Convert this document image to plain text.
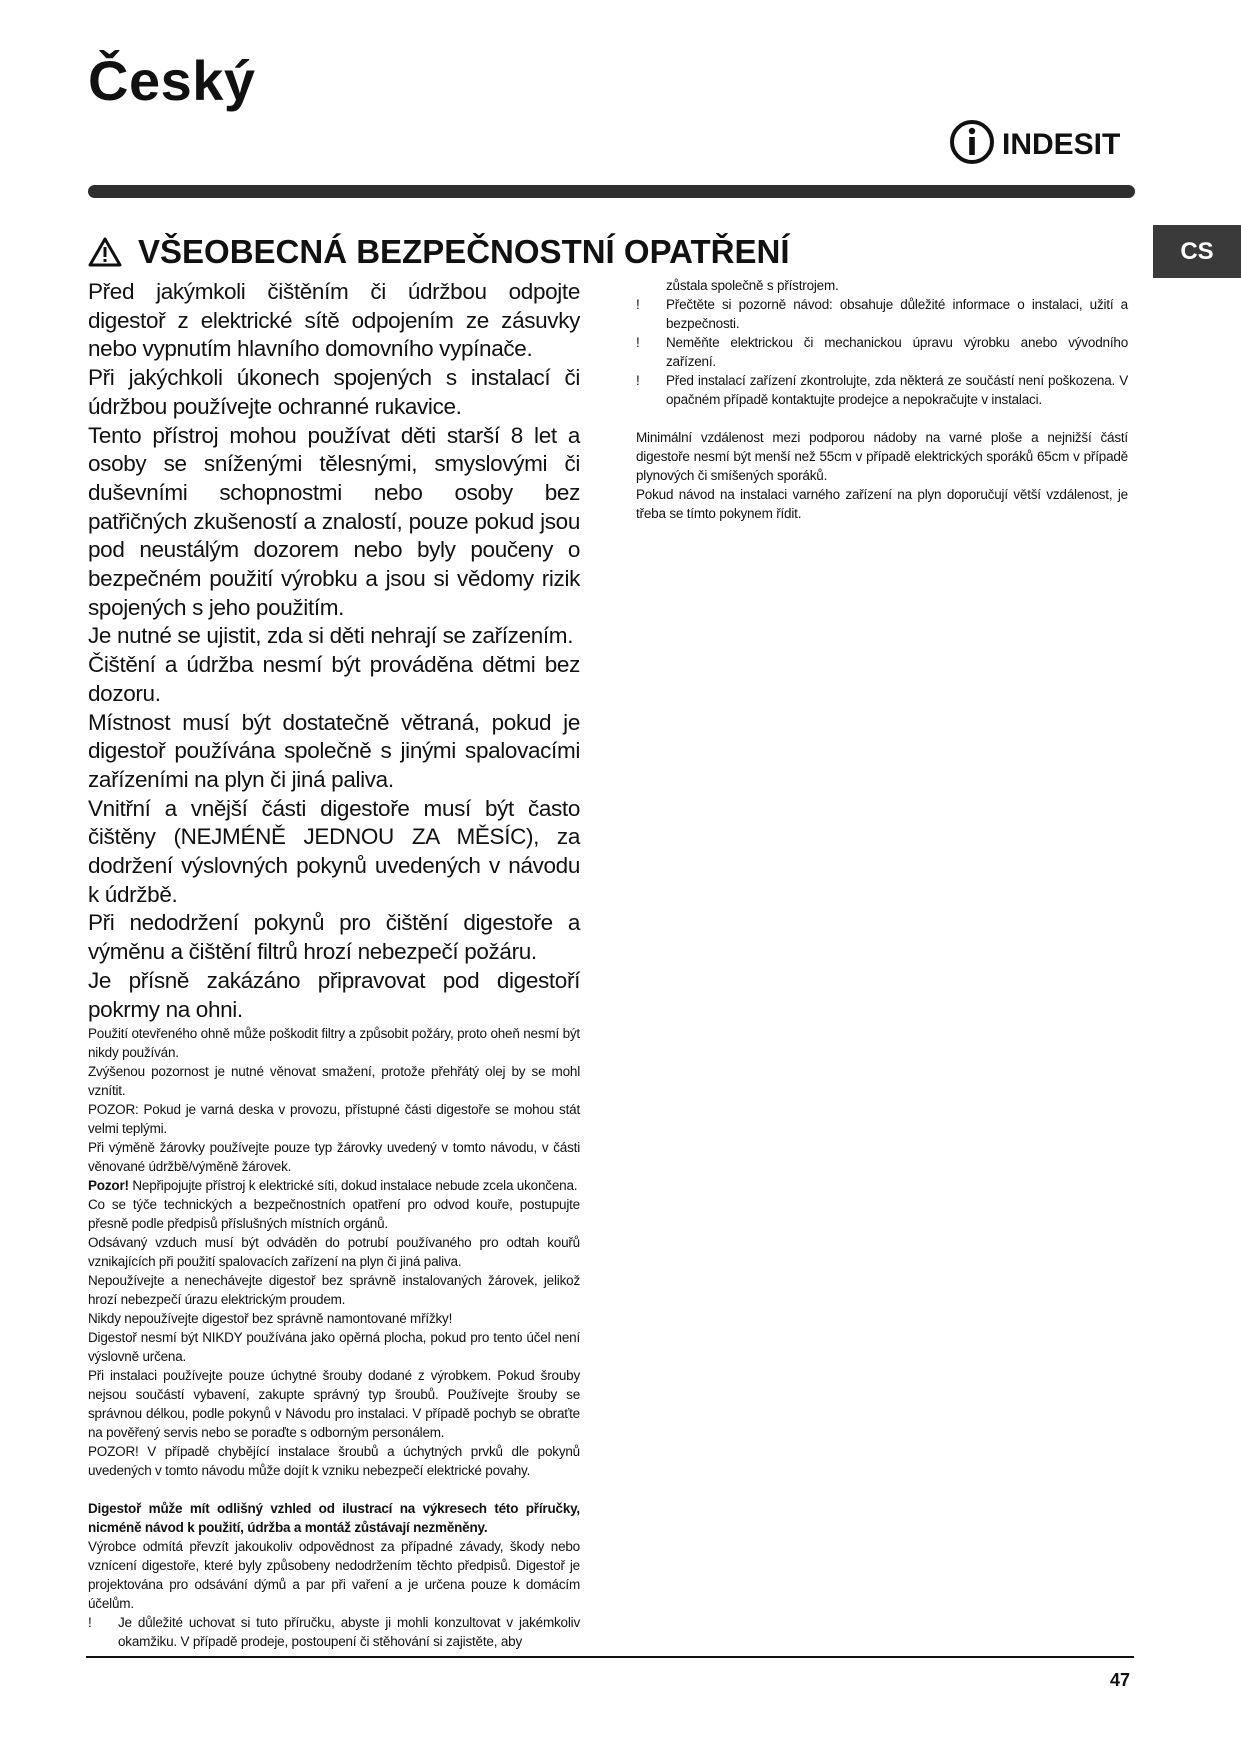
Český
INDESIT
CS
VŠEOBECNÁ BEZPEČNOSTNÍ OPATŘENÍ

Před jakýmkoli čištěním či údržbou odpojte digestoř z elektrické sítě odpojením ze zásuvky nebo vypnutím hlavního domovního vypínače.

Při jakýchkoli úkonech spojených s instalací či údržbou používejte ochranné rukavice.

Tento přístroj mohou používat děti starší 8 let a osoby se sníženými tělesnými, smyslovými či duševními schopnostmi nebo osoby bez patřičných zkušeností a znalostí, pouze pokud jsou pod neustálým dozorem nebo byly poučeny o bezpečném použití výrobku a jsou si vědomy rizik spojených s jeho použitím.

Je nutné se ujistit, zda si děti nehrají se zařízením.

Čištění a údržba nesmí být prováděna dětmi bez dozoru.

Místnost musí být dostatečně větraná, pokud je digestoř používána společně s jinými spalovacími zařízeními na plyn či jiná paliva.

Vnitřní a vnější části digestoře musí být často čištěny (NEJMÉNĚ JEDNOU ZA MĚSÍC), za dodržení výslovných pokynů uvedených v návodu k údržbě.

Při nedodržení pokynů pro čištění digestoře a výměnu a čištění filtrů hrozí nebezpečí požáru.

Je přísně zakázáno připravovat pod digestoří pokrmy na ohni.

Použití otevřeného ohně může poškodit filtry a způsobit požáry, proto oheň nesmí být nikdy používán.

Zvýšenou pozornost je nutné věnovat smažení, protože přehřátý olej by se mohl vznítit.

POZOR: Pokud je varná deska v provozu, přístupné části digestoře se mohou stát velmi teplými.

Při výměně žárovky používejte pouze typ žárovky uvedený v tomto návodu, v části věnované údržbě/výměně žárovek.

Pozor! Nepřipojujte přístroj k elektrické síti, dokud instalace nebude zcela ukončena.

Co se týče technických a bezpečnostních opatření pro odvod kouře, postupujte přesně podle předpisů příslušných místních orgánů.

Odsávaný vzduch musí být odváděn do potrubí používaného pro odtah kouřů vznikajících při použití spalovacích zařízení na plyn či jiná paliva.

Nepoužívejte a nenechávejte digestoř bez správně instalovaných žárovek, jelikož hrozí nebezpečí úrazu elektrickým proudem.

Nikdy nepoužívejte digestoř bez správně namontované mřížky!

Digestoř nesmí být NIKDY používána jako opěrná plocha, pokud pro tento účel není výslovně určena.

Při instalaci používejte pouze úchytné šrouby dodané z výrobkem. Pokud šrouby nejsou součástí vybavení, zakupte správný typ šroubů. Používejte šrouby se správnou délkou, podle pokynů v Návodu pro instalaci. V případě pochyb se obraťte na pověřený servis nebo se poraďte s odborným personálem.

POZOR! V případě chybějící instalace šroubů a úchytných prvků dle pokynů uvedených v tomto návodu může dojít k vzniku nebezpečí elektrické povahy.

Digestoř může mít odlišný vzhled od ilustrací na výkresech této příručky, nicméně návod k použití, údržba a montáž zůstávají nezměněny.

Výrobce odmítá převzít jakoukoliv odpovědnost za případné závady, škody nebo vznícení digestoře, které byly způsobeny nedodržením těchto předpisů. Digestoř je projektována pro odsávání dýmů a par při vaření a je určena pouze k domácím účelům.

!	Je důležité uchovat si tuto příručku, abyste ji mohli konzultovat v jakémkoliv okamžiku. V případě prodeje, postoupení či stěhování si zajistěte, aby
zůstala společně s přístrojem.
!	Přečtěte si pozorně návod: obsahuje důležité informace o instalaci, užití a bezpečnosti.
!	Neměňte elektrickou či mechanickou úpravu výrobku anebo vývodního zařízení.
!	Před instalací zařízení zkontrolujte, zda některá ze součástí není poškozena. V opačném případě kontaktujte prodejce a nepokračujte v instalaci.

Minimální vzdálenost mezi podporou nádoby na varné ploše a nejnižší částí digestoře nesmí být menší než 55cm v případě elektrických sporáků 65cm v případě plynových či smíšených sporáků.

Pokud návod na instalaci varného zařízení na plyn doporučují větší vzdálenost, je třeba se tímto pokynem řídit.

47
